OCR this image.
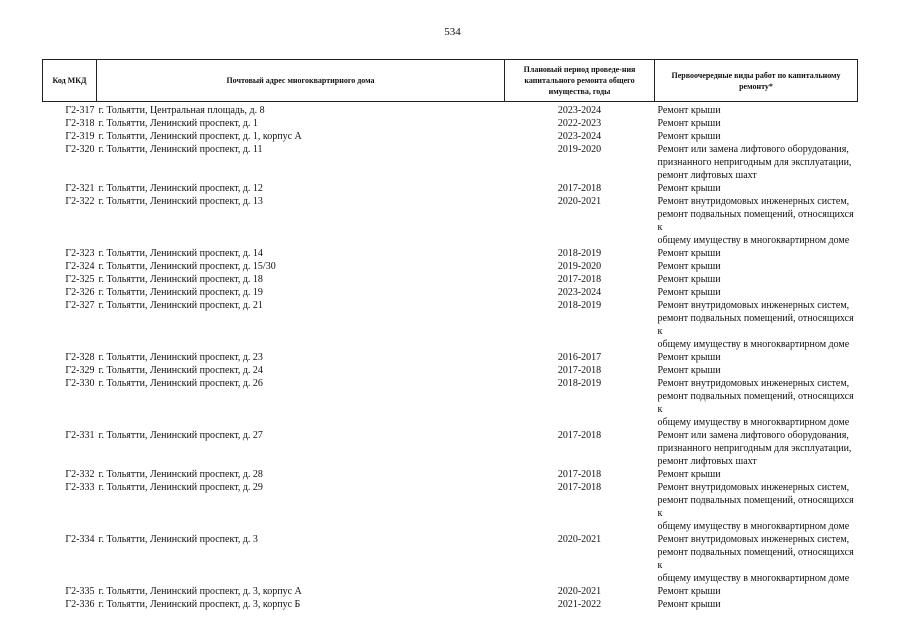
534
Код МКД	Почтовый адрес многоквартирного дома	Плановый период проведе-ния капитального ремонта общего имущества, годы	Первоочередные виды работ по капитальному ремонту*
Г2-317	г. Тольятти, Центральная площадь, д. 8	2023-2024	Ремонт крыши

Г2-318	г. Тольятти, Ленинский проспект, д. 1	2022-2023	Ремонт крыши

Г2-319	г. Тольятти, Ленинский проспект, д. 1, корпус А	2023-2024	Ремонт крыши

Г2-320	г. Тольятти, Ленинский проспект, д. 11	2019-2020	Ремонт или замена лифтового оборудования,
признанного непригодным для эксплуатации,
ремонт лифтовых шахт

Г2-321	г. Тольятти, Ленинский проспект, д. 12	2017-2018	Ремонт крыши

Г2-322	г. Тольятти, Ленинский проспект, д. 13	2020-2021	Ремонт внутридомовых инженерных систем,
ремонт подвальных помещений, относящихся к
общему имуществу в многоквартирном доме

Г2-323	г. Тольятти, Ленинский проспект, д. 14	2018-2019	Ремонт крыши

Г2-324	г. Тольятти, Ленинский проспект, д. 15/30	2019-2020	Ремонт крыши

Г2-325	г. Тольятти, Ленинский проспект, д. 18	2017-2018	Ремонт крыши

Г2-326	г. Тольятти, Ленинский проспект, д. 19	2023-2024	Ремонт крыши

Г2-327	г. Тольятти, Ленинский проспект, д. 21	2018-2019	Ремонт внутридомовых инженерных систем,
ремонт подвальных помещений, относящихся к
общему имуществу в многоквартирном доме

Г2-328	г. Тольятти, Ленинский проспект, д. 23	2016-2017	Ремонт крыши

Г2-329	г. Тольятти, Ленинский проспект, д. 24	2017-2018	Ремонт крыши

Г2-330	г. Тольятти, Ленинский проспект, д. 26	2018-2019	Ремонт внутридомовых инженерных систем,
ремонт подвальных помещений, относящихся к
общему имуществу в многоквартирном доме

Г2-331	г. Тольятти, Ленинский проспект, д. 27	2017-2018	Ремонт или замена лифтового оборудования,
признанного непригодным для эксплуатации,
ремонт лифтовых шахт

Г2-332	г. Тольятти, Ленинский проспект, д. 28	2017-2018	Ремонт крыши

Г2-333	г. Тольятти, Ленинский проспект, д. 29	2017-2018	Ремонт внутридомовых инженерных систем,
ремонт подвальных помещений, относящихся к
общему имуществу в многоквартирном доме

Г2-334	г. Тольятти, Ленинский проспект, д. 3	2020-2021	Ремонт внутридомовых инженерных систем,
ремонт подвальных помещений, относящихся к
общему имуществу в многоквартирном доме

Г2-335	г. Тольятти, Ленинский проспект, д. 3, корпус А	2020-2021	Ремонт крыши

Г2-336	г. Тольятти, Ленинский проспект, д. 3, корпус Б	2021-2022	Ремонт крыши
